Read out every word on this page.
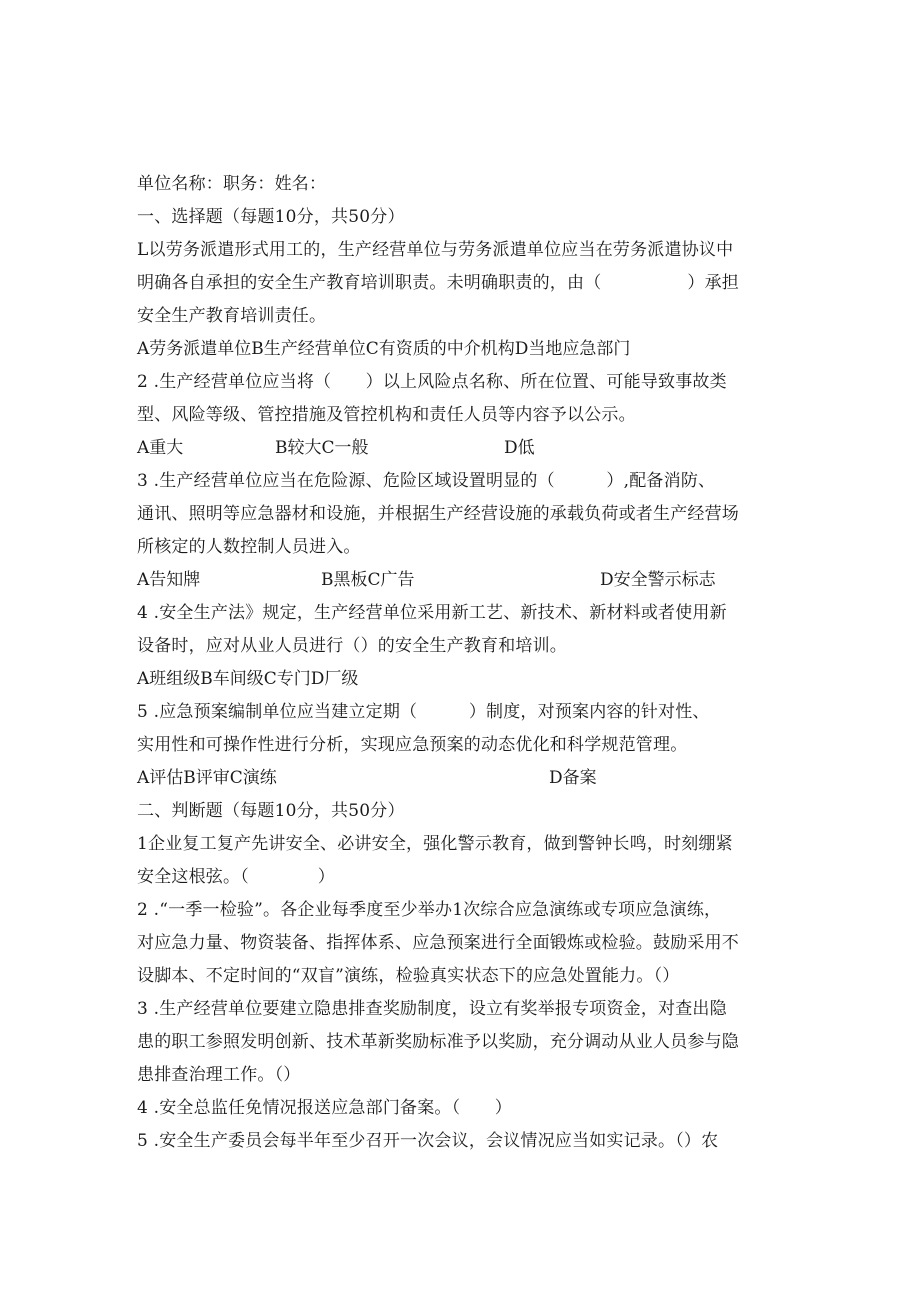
单位名称：职务：姓名：
一、选择题（每题10分，共50分）
L以劳务派遣形式用工的，生产经营单位与劳务派遣单位应当在劳务派遣协议中
明确各自承担的安全生产教育培训职责。未明确职责的，由（　　　　　）承担
安全生产教育培训责任。
A劳务派遣单位B生产经营单位C有资质的中介机构D当地应急部门
2 .生产经营单位应当将（　　）以上风险点名称、所在位置、可能导致事故类
型、风险等级、管控措施及管控机构和责任人员等内容予以公示。
A重大	B较大C一般	D低
3 .生产经营单位应当在危险源、危险区域设置明显的（　　　）,配备消防、
通讯、照明等应急器材和设施，并根据生产经营设施的承载负荷或者生产经营场
所核定的人数控制人员进入。
A告知牌	B黑板C广告	D安全警示标志
4 .安全生产法》规定，生产经营单位采用新工艺、新技术、新材料或者使用新
设备时，应对从业人员进行（）的安全生产教育和培训。
A班组级B车间级C专门D厂级
5 .应急预案编制单位应当建立定期（　　　）制度，对预案内容的针对性、
实用性和可操作性进行分析，实现应急预案的动态优化和科学规范管理。
A评估B评审C演练	D备案
二、判断题（每题10分，共50分）
1企业复工复产先讲安全、必讲安全，强化警示教育，做到警钟长鸣，时刻绷紧
安全这根弦。（　　　　）
2 .“一季一检验”。各企业每季度至少举办1次综合应急演练或专项应急演练，
对应急力量、物资装备、指挥体系、应急预案进行全面锻炼或检验。鼓励采用不
设脚本、不定时间的“双盲”演练，检验真实状态下的应急处置能力。（）
3 .生产经营单位要建立隐患排查奖励制度，设立有奖举报专项资金，对查出隐
患的职工参照发明创新、技术革新奖励标准予以奖励，充分调动从业人员参与隐
患排查治理工作。（）
4 .安全总监任免情况报送应急部门备案。（　　）
5 .安全生产委员会每半年至少召开一次会议，会议情况应当如实记录。（）农
